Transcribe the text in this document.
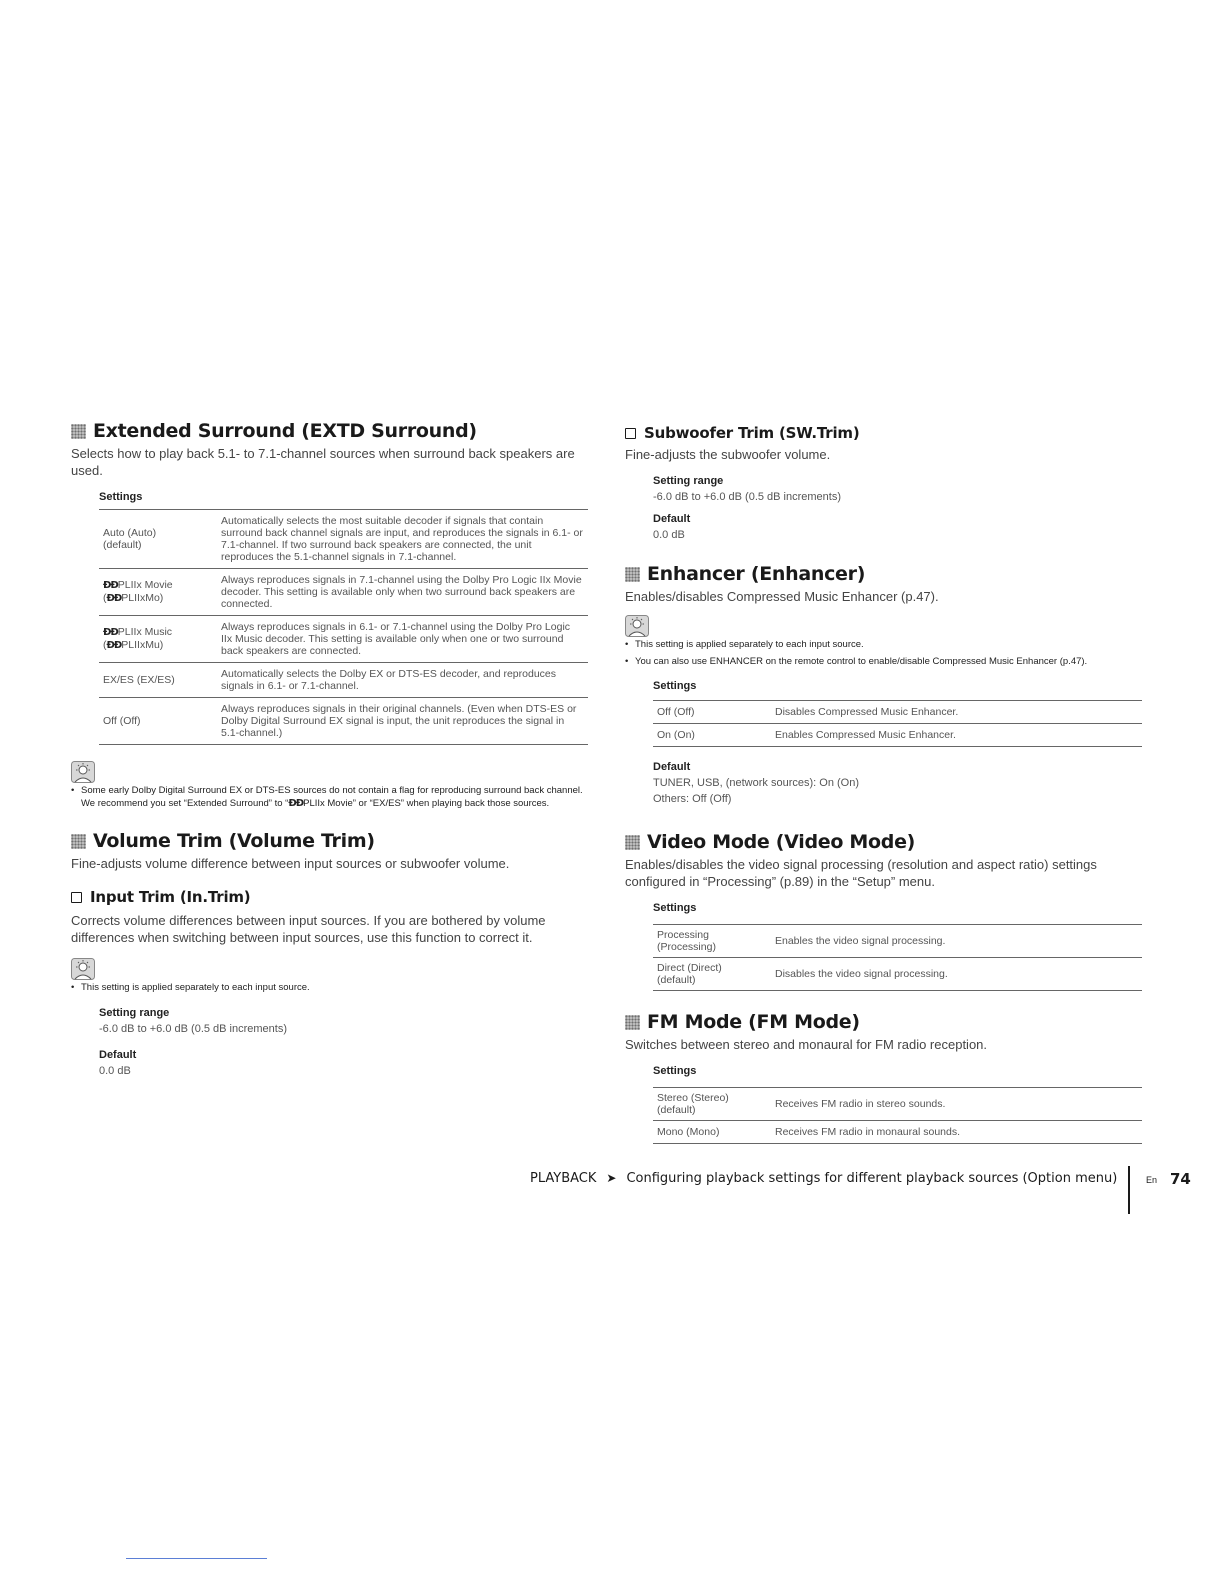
Extended Surround (EXTD Surround)

Selects how to play back 5.1- to 7.1-channel sources when surround back speakers are used.

Settings
Auto (Auto)
(default)	Automatically selects the most suitable decoder if signals that contain surround back channel signals are input, and reproduces the signals in 6.1- or 7.1-channel. If two surround back speakers are connected, the unit reproduces the 5.1-channel signals in 7.1-channel.

ĐĐPLIIx Movie
(ĐĐPLIIxMo)	Always reproduces signals in 7.1-channel using the Dolby Pro Logic IIx Movie decoder. This setting is available only when two surround back speakers are connected.

ĐĐPLIIx Music
(ĐĐPLIIxMu)	Always reproduces signals in 6.1- or 7.1-channel using the Dolby Pro Logic IIx Music decoder. This setting is available only when one or two surround back speakers are connected.
EX/ES (EX/ES)	Automatically selects the Dolby EX or DTS-ES decoder, and reproduces signals in 6.1- or 7.1-channel.
Off (Off)	Always reproduces signals in their original channels. (Even when DTS-ES or Dolby Digital Surround EX signal is input, the unit reproduces the signal in 5.1-channel.)
• Some early Dolby Digital Surround EX or DTS-ES sources do not contain a flag for reproducing surround back channel. We recommend you set “Extended Surround” to “ĐĐPLIIx Movie” or “EX/ES” when playing back those sources.
Volume Trim (Volume Trim)

Fine-adjusts volume difference between input sources or subwoofer volume.

Input Trim (In.Trim)

Corrects volume differences between input sources. If you are bothered by volume differences when switching between input sources, use this function to correct it.

• This setting is applied separately to each input source.
Setting range
-6.0 dB to +6.0 dB (0.5 dB increments)
Default
0.0 dB
Subwoofer Trim (SW.Trim)

Fine-adjusts the subwoofer volume.

Setting range
-6.0 dB to +6.0 dB (0.5 dB increments)
Default
0.0 dB
Enhancer (Enhancer)

Enables/disables Compressed Music Enhancer (p.47).

• This setting is applied separately to each input source.
• You can also use ENHANCER on the remote control to enable/disable Compressed Music Enhancer (p.47).
Settings
Off (Off)	Disables Compressed Music Enhancer.
On (On)	Enables Compressed Music Enhancer.
Default
TUNER, USB, (network sources): On (On)
Others: Off (Off)
Video Mode (Video Mode)

Enables/disables the video signal processing (resolution and aspect ratio) settings configured in “Processing” (p.89) in the “Setup” menu.

Settings
Processing
(Processing)	Enables the video signal processing.

Direct (Direct)
(default)	Disables the video signal processing.
FM Mode (FM Mode)

Switches between stereo and monaural for FM radio reception.

Settings
Stereo (Stereo)
(default)	Receives FM radio in stereo sounds.
Mono (Mono)	Receives FM radio in monaural sounds.
PLAYBACK ➤ Configuring playback settings for different playback sources (Option menu)	En 74
